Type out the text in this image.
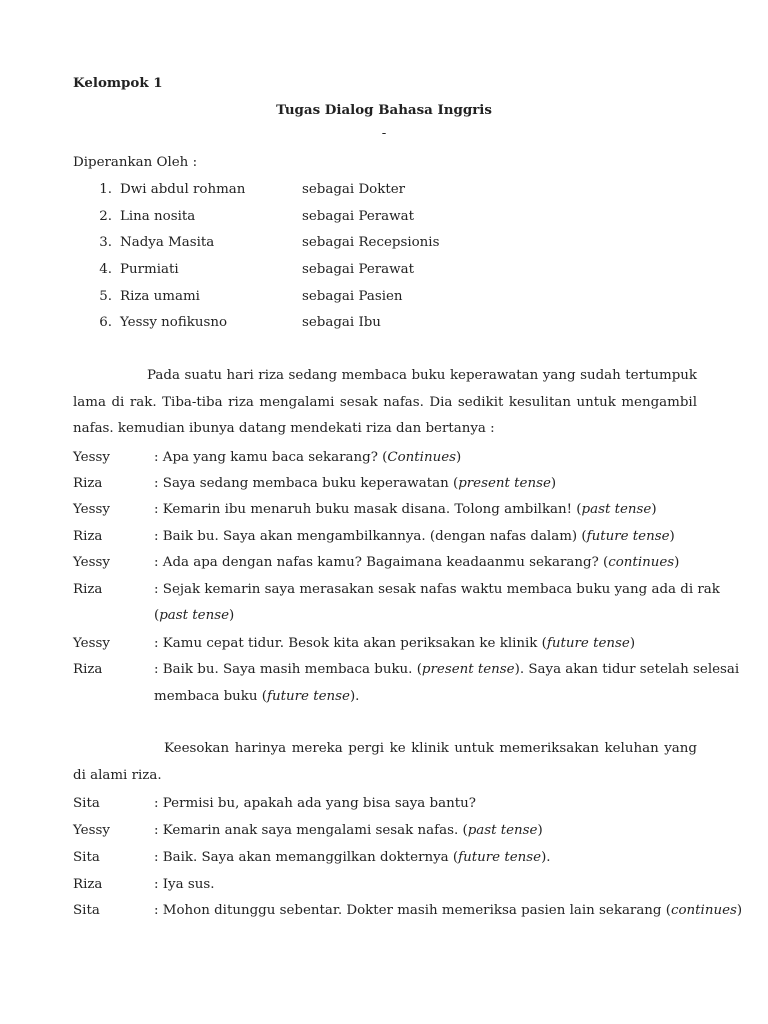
Kelompok 1
Tugas Dialog Bahasa Inggris
-
Diperankan Oleh :
1. Dwi abdul rohman	sebagai Dokter
2. Lina nosita	sebagai Perawat
3. Nadya Masita	sebagai Recepsionis
4. Purmiati	sebagai Perawat
5. Riza umami	sebagai Pasien
6. Yessy nofikusno	sebagai Ibu
Pada suatu hari riza sedang membaca buku keperawatan yang sudah tertumpuk lama di rak. Tiba-tiba riza mengalami sesak nafas. Dia sedikit kesulitan untuk mengambil nafas. kemudian ibunya datang mendekati riza dan bertanya :
Yessy	: Apa yang kamu baca sekarang? (Continues)
Riza	: Saya sedang membaca buku keperawatan (present tense)
Yessy	: Kemarin ibu menaruh buku masak disana. Tolong ambilkan! (past tense)
Riza	: Baik bu. Saya akan mengambilkannya. (dengan nafas dalam) (future tense)
Yessy	: Ada apa dengan nafas kamu? Bagaimana keadaanmu sekarang? (continues)
Riza	: Sejak kemarin saya merasakan sesak nafas waktu membaca buku yang ada di rak
(past tense)
Yessy	: Kamu cepat tidur. Besok kita akan periksakan ke klinik (future tense)
Riza	: Baik bu. Saya masih membaca buku. (present tense). Saya akan tidur setelah selesai
membaca buku (future tense).
Keesokan harinya mereka pergi ke klinik untuk memeriksakan keluhan yang di alami riza.
Sita	: Permisi bu, apakah ada yang bisa saya bantu?
Yessy	: Kemarin anak saya mengalami sesak nafas. (past tense)
Sita	: Baik. Saya akan memanggilkan dokternya (future tense).
Riza	: Iya sus.
Sita	: Mohon ditunggu sebentar. Dokter masih memeriksa pasien lain sekarang (continues)
